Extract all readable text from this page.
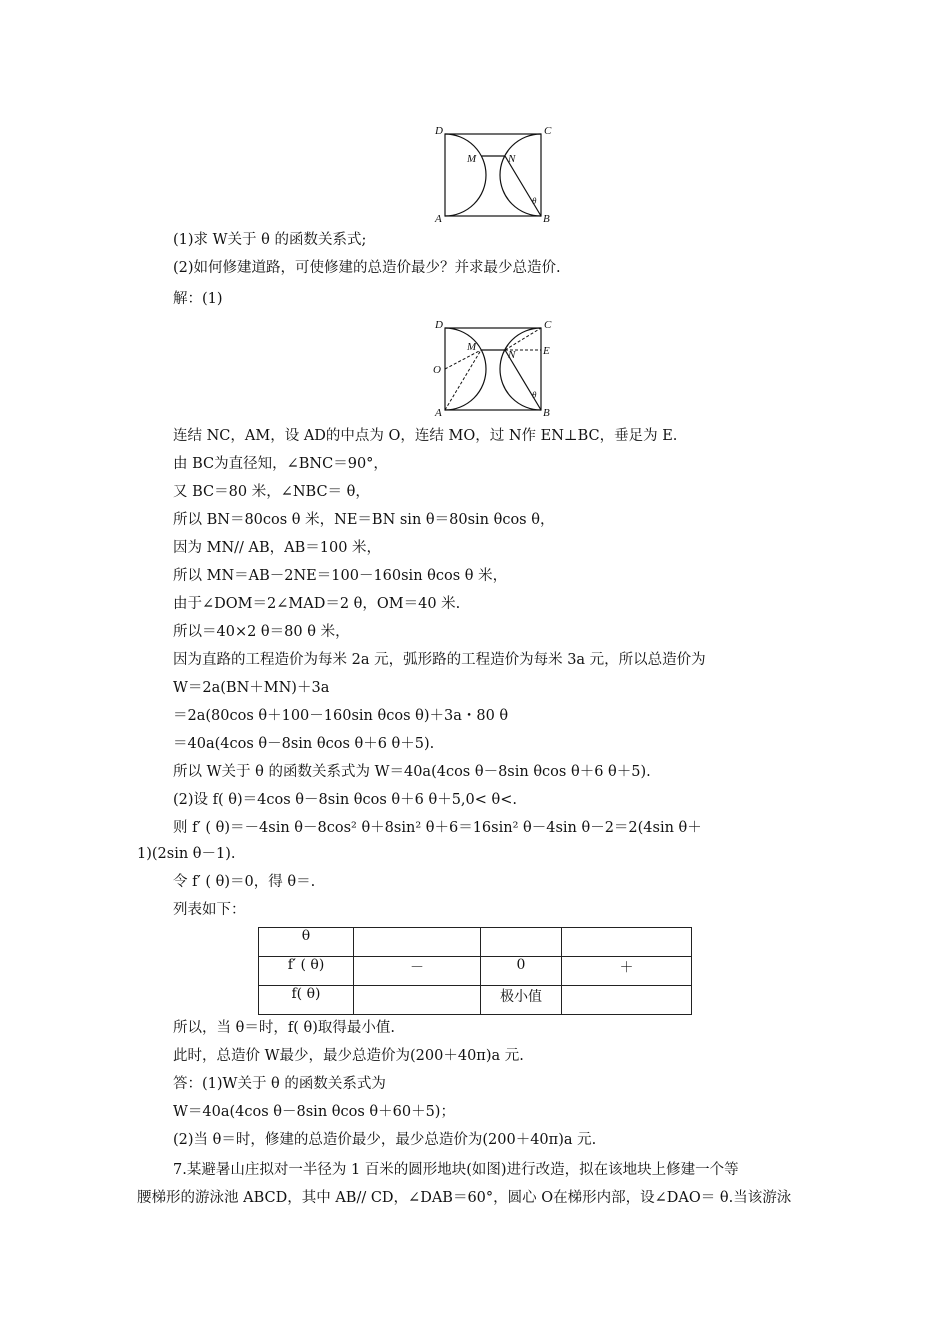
D	C
M	N
A	B
θ
D	C
M
N	E
O
A	B
θ
(1)求 W关于 θ 的函数关系式;
(2)如何修建道路，可使修建的总造价最少？并求最少总造价.
解：(1)
连结 NC，AM，设 AD的中点为 O，连结 MO，过 N作 EN⊥BC，垂足为 E.
由 BC为直径知，∠BNC＝90°，
又 BC＝80 米，∠NBC＝ θ，
所以 BN＝80cos θ 米，NE＝BN sin θ＝80sin θcos θ，
因为 MN// AB，AB＝100 米，
所以 MN＝AB－2NE＝100－160sin θcos θ 米，
由于∠DOM＝2∠MAD＝2 θ，OM＝40 米.
所以＝40×2 θ＝80 θ 米，
因为直路的工程造价为每米 2a 元，弧形路的工程造价为每米 3a 元，所以总造价为
W＝2a(BN＋MN)＋3a
＝2a(80cos θ＋100－160sin θcos θ)＋3a・80 θ
＝40a(4cos θ－8sin θcos θ＋6 θ＋5).
所以 W关于 θ 的函数关系式为 W＝40a(4cos θ－8sin θcos θ＋6 θ＋5).
(2)设 f( θ)＝4cos θ－8sin θcos θ＋6 θ＋5,0< θ<.
则 f′ ( θ)＝－4sin θ－8cos² θ＋8sin² θ＋6＝16sin² θ－4sin θ－2＝2(4sin θ＋
1)(2sin θ－1).
令 f′ ( θ)＝0，得 θ＝.
列表如下：
θ			
f′ ( θ)	－	0	＋
f( θ)		极小值	
所以，当 θ＝时，f( θ)取得最小值.
此时，总造价 W最少，最少总造价为(200＋40π)a 元.
答：(1)W关于 θ 的函数关系式为
W＝40a(4cos θ－8sin θcos θ＋60＋5)；
(2)当 θ＝时，修建的总造价最少，最少总造价为(200＋40π)a 元.
7.某避暑山庄拟对一半径为 1 百米的圆形地块(如图)进行改造，拟在该地块上修建一个等
腰梯形的游泳池 ABCD，其中 AB// CD，∠DAB＝60°，圆心 O在梯形内部，设∠DAO＝ θ.当该游泳
